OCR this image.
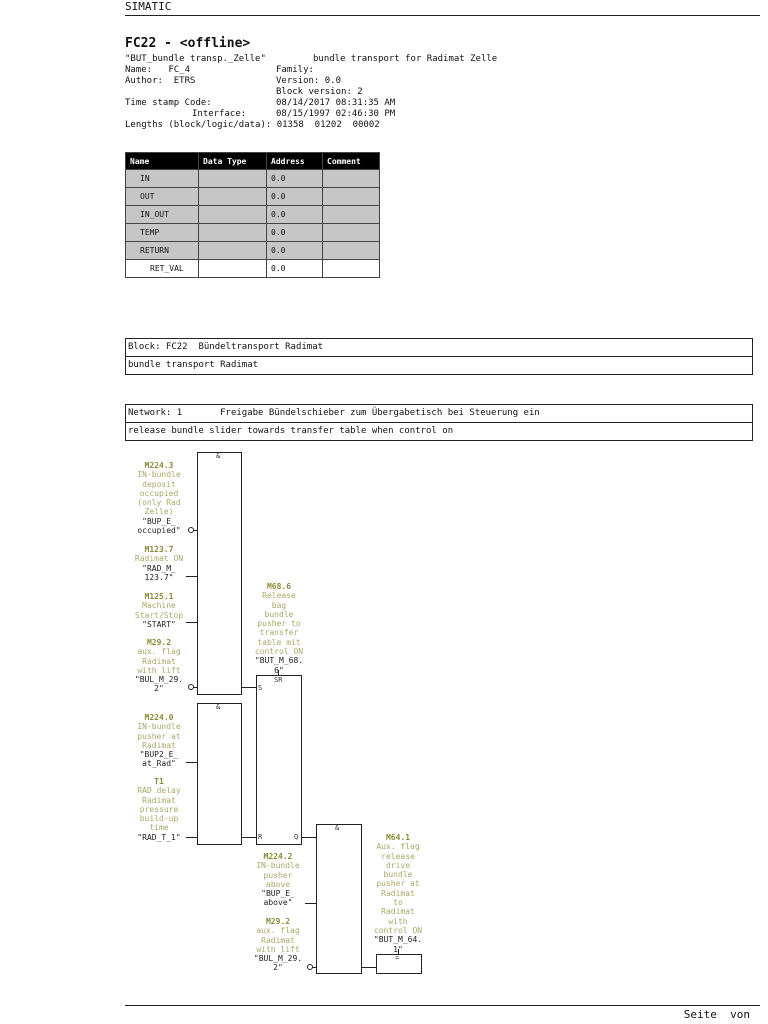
SIMATIC
FC22 - <offline>
"BUT_bundle transp._Zelle"	bundle transport for Radimat Zelle
Name:   FC_4	Family:
Author:  ETRS	Version: 0.0
Block version: 2
Time stamp Code:	08/14/2017 08:31:35 AM
Interface:	08/15/1997 02:46:30 PM
Lengths (block/logic/data): 01358  01202  00002
Name	Data Type	Address	Comment
IN		0.0	
OUT		0.0	
IN_OUT		0.0	
TEMP		0.0	
RETURN		0.0	
RET_VAL		0.0	
Block: FC22  Bündeltransport Radimat
bundle transport Radimat
Network: 1       Freigabe Bündelschieber zum Übergabetisch bei Steuerung ein
release bundle slider towards transfer table when control on
&
&
SR
S
R	Q
&
=
M224.3
IN-bundle
deposit
occupied
(only Rad
Zelle)
"BUP_E_
occupied"
M123.7
Radimat ON
"RAD_M_
123.7"
M125.1
Machine
Start/Stop
"START"
M29.2
aux. flag
Radimat
with lift
"BUL_M_29.
2"
M224.0
IN-bundle
pusher at
Radimat
"BUP2_E_
at_Rad"
T1
RAD delay
Radimat
pressure
build-up
time
"RAD_T_1"
M68.6
Release
bag
bundle
pusher to
transfer
table mit
control ON
"BUT_M_68.
6"
M224.2
IN-bundle
pusher
above
"BUP_E_
above"
M29.2
aux. flag
Radimat
with lift
"BUL_M_29.
2"
M64.1
Aux. flag
release
drive
bundle
pusher at
Radimat
to
Radimat
with
control ON
"BUT_M_64.
1"
Seite  von
